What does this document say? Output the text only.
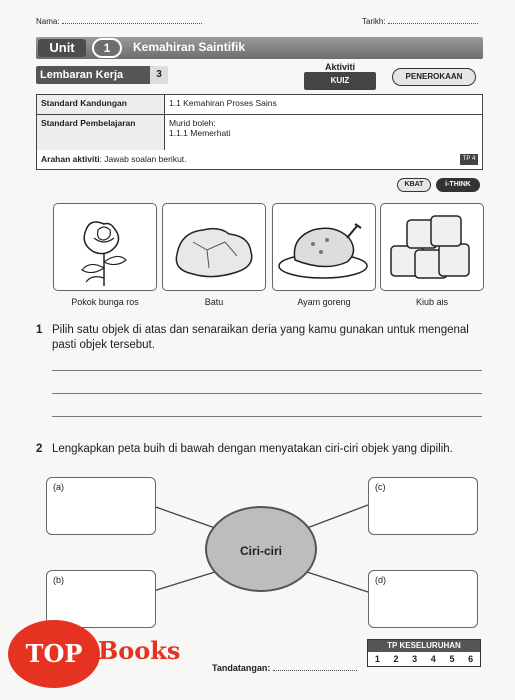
Nama:	Tarikh:
Unit	1	Kemahiran Saintifik
Lembaran Kerja	3
Aktiviti
KUIZ	PENEROKAAN
Standard Kandungan	1.1 Kemahiran Proses Sains
Standard Pembelajaran	Murid boleh:
1.1.1 Memerhati
Arahan aktiviti: Jawab soalan berikut.	TP 4
KBAT	i-THINK
Pokok bunga ros	Batu	Ayam goreng	Kiub ais
1 Pilih satu objek di atas dan senaraikan deria yang kamu gunakan untuk mengenal pasti objek tersebut.
2 Lengkapkan peta buih di bawah dengan menyatakan ciri-ciri objek yang dipilih.
Ciri-ciri
(a)
(b)
(c)
(d)
Tandatangan:
TP KESELURUHAN
1 2 3 4 5 6
TOP Books
